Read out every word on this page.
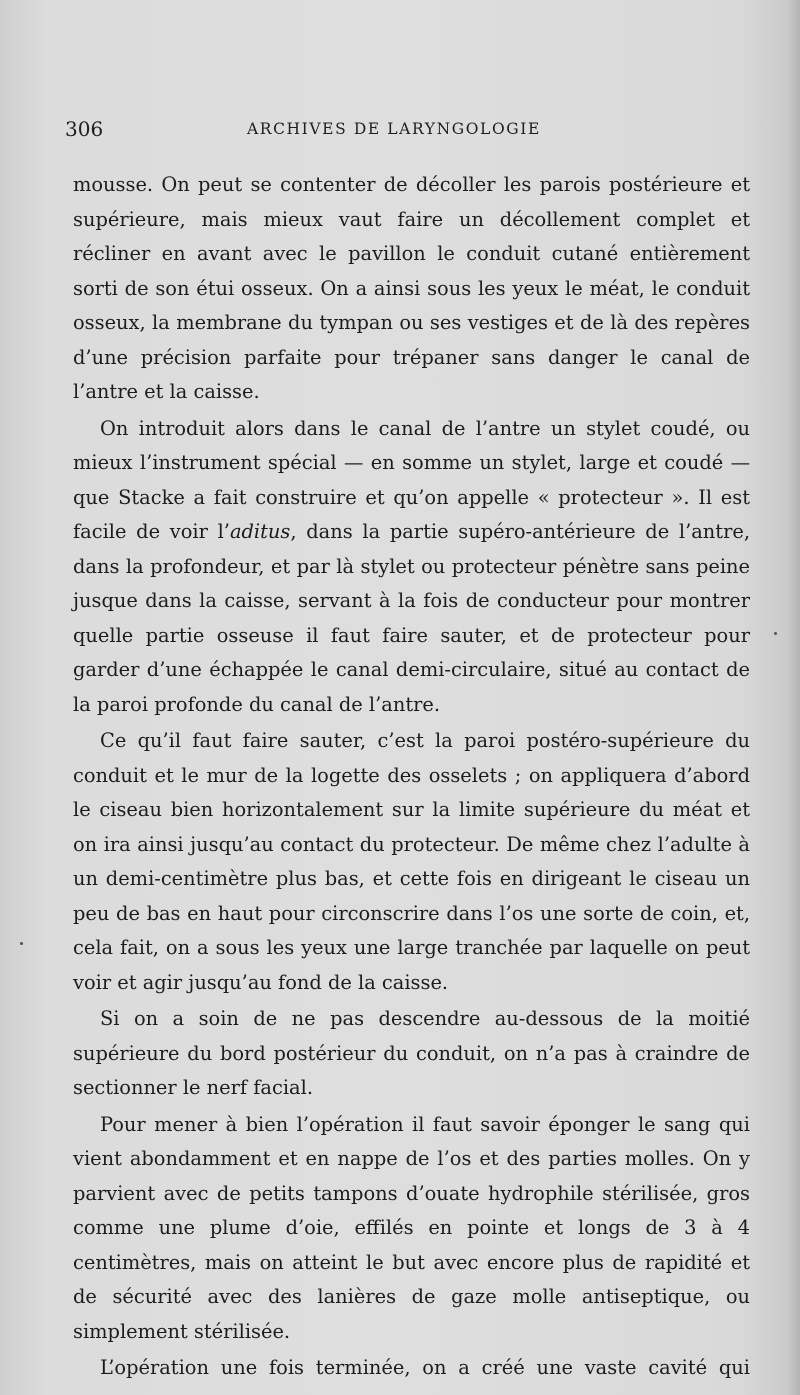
306	ARCHIVES DE LARYNGOLOGIE

mousse. On peut se contenter de décoller les parois postérieure et supérieure, mais mieux vaut faire un décollement complet et récliner en avant avec le pavillon le conduit cutané entièrement sorti de son étui osseux. On a ainsi sous les yeux le méat, le conduit osseux, la membrane du tympan ou ses vestiges et de là des repères d’une précision parfaite pour trépaner sans danger le canal de l’antre et la caisse.

On introduit alors dans le canal de l’antre un stylet coudé, ou mieux l’instrument spécial — en somme un stylet, large et coudé — que Stacke a fait construire et qu’on appelle « protecteur ». Il est facile de voir l’aditus, dans la partie supéro-antérieure de l’antre, dans la profondeur, et par là stylet ou protecteur pénètre sans peine jusque dans la caisse, servant à la fois de conducteur pour montrer quelle partie osseuse il faut faire sauter, et de protecteur pour garder d’une échappée le canal demi-circulaire, situé au contact de la paroi profonde du canal de l’antre.

Ce qu’il faut faire sauter, c’est la paroi postéro-supérieure du conduit et le mur de la logette des osselets ; on appliquera d’abord le ciseau bien horizontalement sur la limite supérieure du méat et on ira ainsi jusqu’au contact du protecteur. De même chez l’adulte à un demi-centimètre plus bas, et cette fois en dirigeant le ciseau un peu de bas en haut pour circonscrire dans l’os une sorte de coin, et, cela fait, on a sous les yeux une large tranchée par laquelle on peut voir et agir jusqu’au fond de la caisse.

Si on a soin de ne pas descendre au-dessous de la moitié supérieure du bord postérieur du conduit, on n’a pas à craindre de sectionner le nerf facial.

Pour mener à bien l’opération il faut savoir éponger le sang qui vient abondamment et en nappe de l’os et des parties molles. On y parvient avec de petits tampons d’ouate hydrophile stérilisée, gros comme une plume d’oie, effilés en pointe et longs de 3 à 4 centimètres, mais on atteint le but avec encore plus de rapidité et de sécurité avec des lanières de gaze molle antiseptique, ou simplement stérilisée.

L’opération une fois terminée, on a créé une vaste cavité qui
